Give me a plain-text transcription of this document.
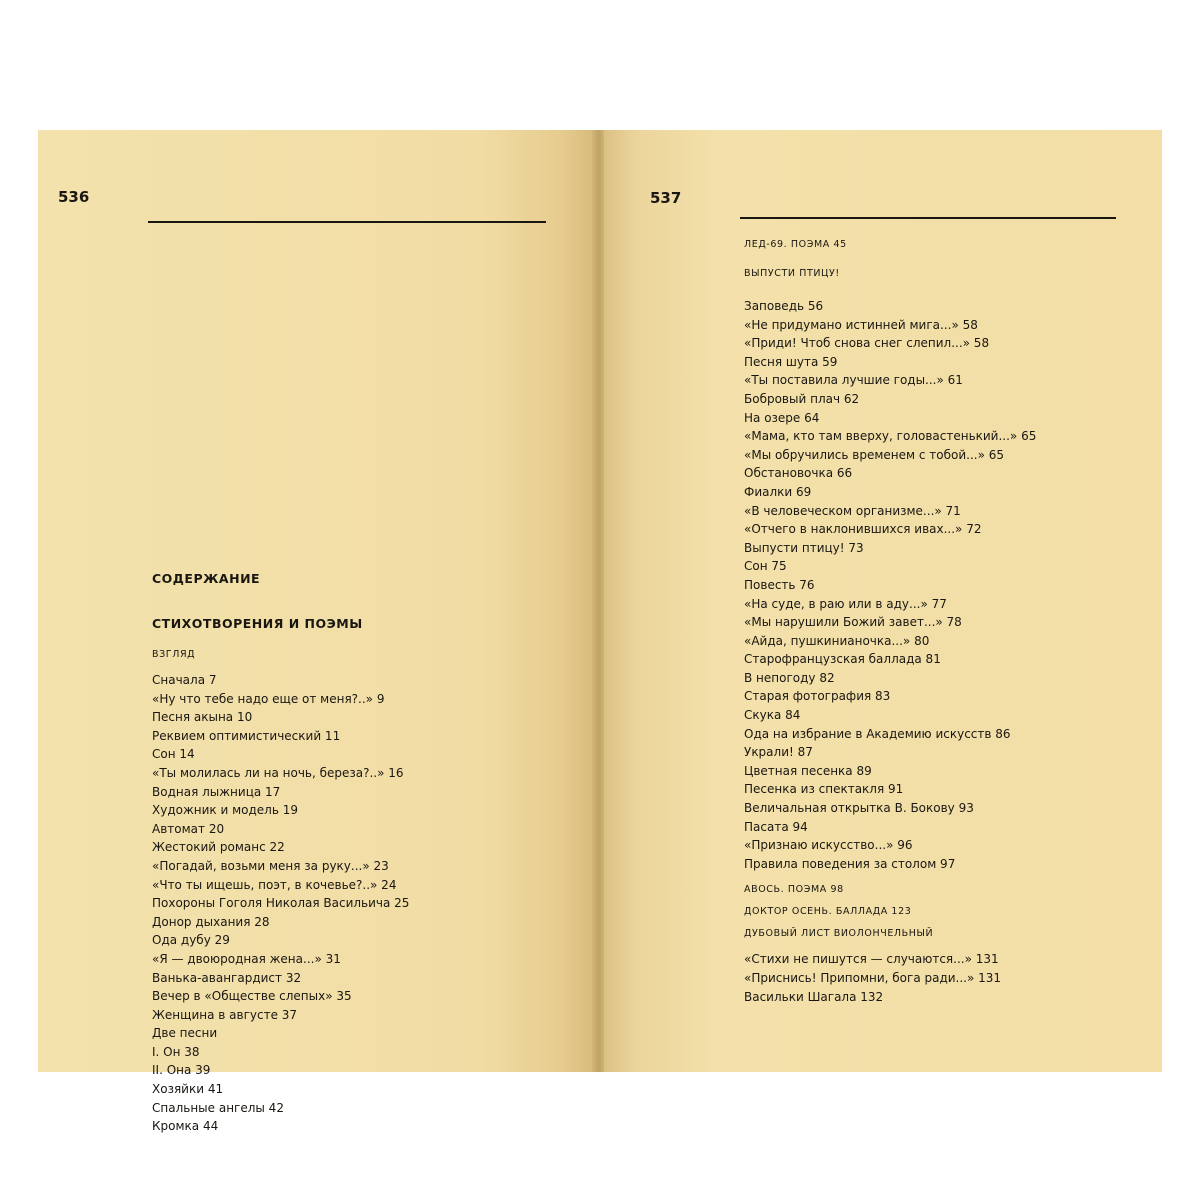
536
СОДЕРЖАНИЕ
СТИХОТВОРЕНИЯ И ПОЭМЫ
ВЗГЛЯД
Сначала 7
«Ну что тебе надо еще от меня?..» 9
Песня акына 10
Реквием оптимистический 11
Сон 14
«Ты молилась ли на ночь, береза?..» 16
Водная лыжница 17
Художник и модель 19
Автомат 20
Жестокий романс 22
«Погадай, возьми меня за руку...» 23
«Что ты ищешь, поэт, в кочевье?..» 24
Похороны Гоголя Николая Васильича 25
Донор дыхания 28
Ода дубу 29
«Я — двоюродная жена...» 31
Ванька-авангардист 32
Вечер в «Обществе слепых» 35
Женщина в августе 37
Две песни
I. Он 38
II. Она 39
Хозяйки 41
Спальные ангелы 42
Кромка 44
537
ЛЕД-69. ПОЭМА 45
ВЫПУСТИ ПТИЦУ!
Заповедь 56
«Не придумано истинней мига...» 58
«Приди! Чтоб снова снег слепил...» 58
Песня шута 59
«Ты поставила лучшие годы...» 61
Бобровый плач 62
На озере 64
«Мама, кто там вверху, головастенький...» 65
«Мы обручились временем с тобой...» 65
Обстановочка 66
Фиалки 69
«В человеческом организме...» 71
«Отчего в наклонившихся ивах...» 72
Выпусти птицу! 73
Сон 75
Повесть 76
«На суде, в раю или в аду...» 77
«Мы нарушили Божий завет...» 78
«Айда, пушкинианочка...» 80
Старофранцузская баллада 81
В непогоду 82
Старая фотография 83
Скука 84
Ода на избрание в Академию искусств 86
Украли! 87
Цветная песенка 89
Песенка из спектакля 91
Величальная открытка В. Бокову 93
Пасата 94
«Признаю искусство...» 96
Правила поведения за столом 97
АВОСЬ. ПОЭМА 98
ДОКТОР ОСЕНЬ. БАЛЛАДА 123
ДУБОВЫЙ ЛИСТ ВИОЛОНЧЕЛЬНЫЙ
«Стихи не пишутся — случаются...» 131
«Приснись! Припомни, бога ради...» 131
Васильки Шагала 132
